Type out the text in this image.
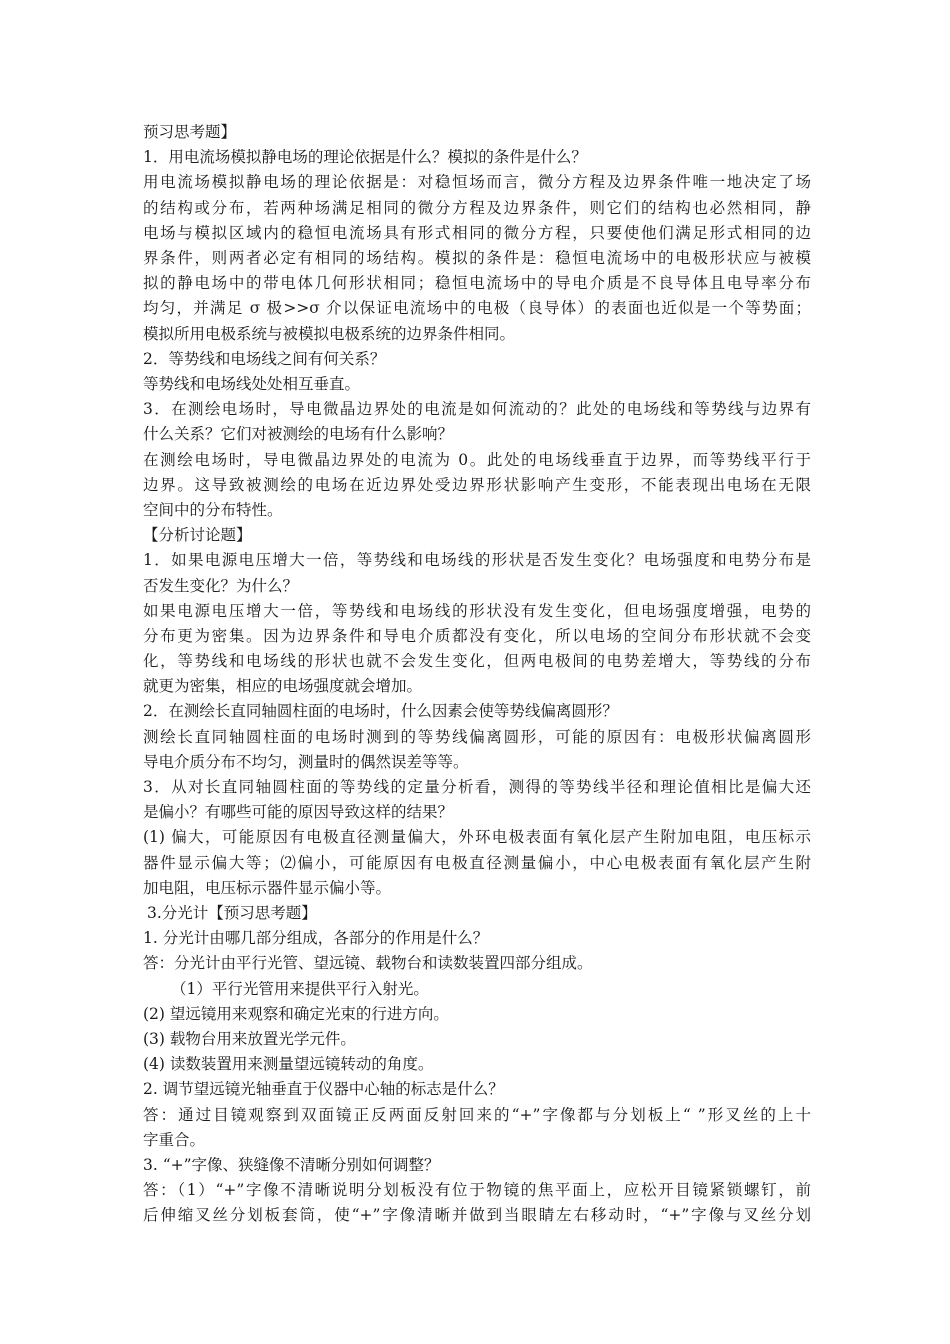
预习思考题】
1．用电流场模拟静电场的理论依据是什么？模拟的条件是什么？
用电流场模拟静电场的理论依据是：对稳恒场而言，微分方程及边界条件唯一地决定了场
的结构或分布，若两种场满足相同的微分方程及边界条件，则它们的结构也必然相同，静
电场与模拟区域内的稳恒电流场具有形式相同的微分方程，只要使他们满足形式相同的边
界条件，则两者必定有相同的场结构。模拟的条件是：稳恒电流场中的电极形状应与被模
拟的静电场中的带电体几何形状相同；稳恒电流场中的导电介质是不良导体且电导率分布
均匀，并满足 σ 极>>σ 介以保证电流场中的电极（良导体）的表面也近似是一个等势面；
模拟所用电极系统与被模拟电极系统的边界条件相同。
2．等势线和电场线之间有何关系？
等势线和电场线处处相互垂直。
3．在测绘电场时，导电微晶边界处的电流是如何流动的？此处的电场线和等势线与边界有
什么关系？它们对被测绘的电场有什么影响？
在测绘电场时，导电微晶边界处的电流为 0。此处的电场线垂直于边界，而等势线平行于
边界。这导致被测绘的电场在近边界处受边界形状影响产生变形，不能表现出电场在无限
空间中的分布特性。
【分析讨论题】
1．如果电源电压增大一倍，等势线和电场线的形状是否发生变化？电场强度和电势分布是
否发生变化？为什么？
如果电源电压增大一倍，等势线和电场线的形状没有发生变化，但电场强度增强，电势的
分布更为密集。因为边界条件和导电介质都没有变化，所以电场的空间分布形状就不会变
化，等势线和电场线的形状也就不会发生变化，但两电极间的电势差增大，等势线的分布
就更为密集，相应的电场强度就会增加。
2．在测绘长直同轴圆柱面的电场时，什么因素会使等势线偏离圆形？
测绘长直同轴圆柱面的电场时测到的等势线偏离圆形，可能的原因有：电极形状偏离圆形
导电介质分布不均匀，测量时的偶然误差等等。
3．从对长直同轴圆柱面的等势线的定量分析看，测得的等势线半径和理论值相比是偏大还
是偏小？有哪些可能的原因导致这样的结果？
(1) 偏大，可能原因有电极直径测量偏大，外环电极表面有氧化层产生附加电阻，电压标示
器件显示偏大等；⑵偏小，可能原因有电极直径测量偏小，中心电极表面有氧化层产生附
加电阻，电压标示器件显示偏小等。
3.分光计【预习思考题】
1. 分光计由哪几部分组成，各部分的作用是什么？
答：分光计由平行光管、望远镜、载物台和读数装置四部分组成。
（1）平行光管用来提供平行入射光。
(2) 望远镜用来观察和确定光束的行进方向。
(3) 载物台用来放置光学元件。
(4) 读数装置用来测量望远镜转动的角度。
2. 调节望远镜光轴垂直于仪器中心轴的标志是什么？
答：通过目镜观察到双面镜正反两面反射回来的“+”字像都与分划板上“ ”形叉丝的上十
字重合。
3. “+”字像、狭缝像不清晰分别如何调整？
答：（1）“+”字像不清晰说明分划板没有位于物镜的焦平面上，应松开目镜紧锁螺钉，前
后伸缩叉丝分划板套筒，使“+”字像清晰并做到当眼睛左右移动时，“+”字像与叉丝分划
